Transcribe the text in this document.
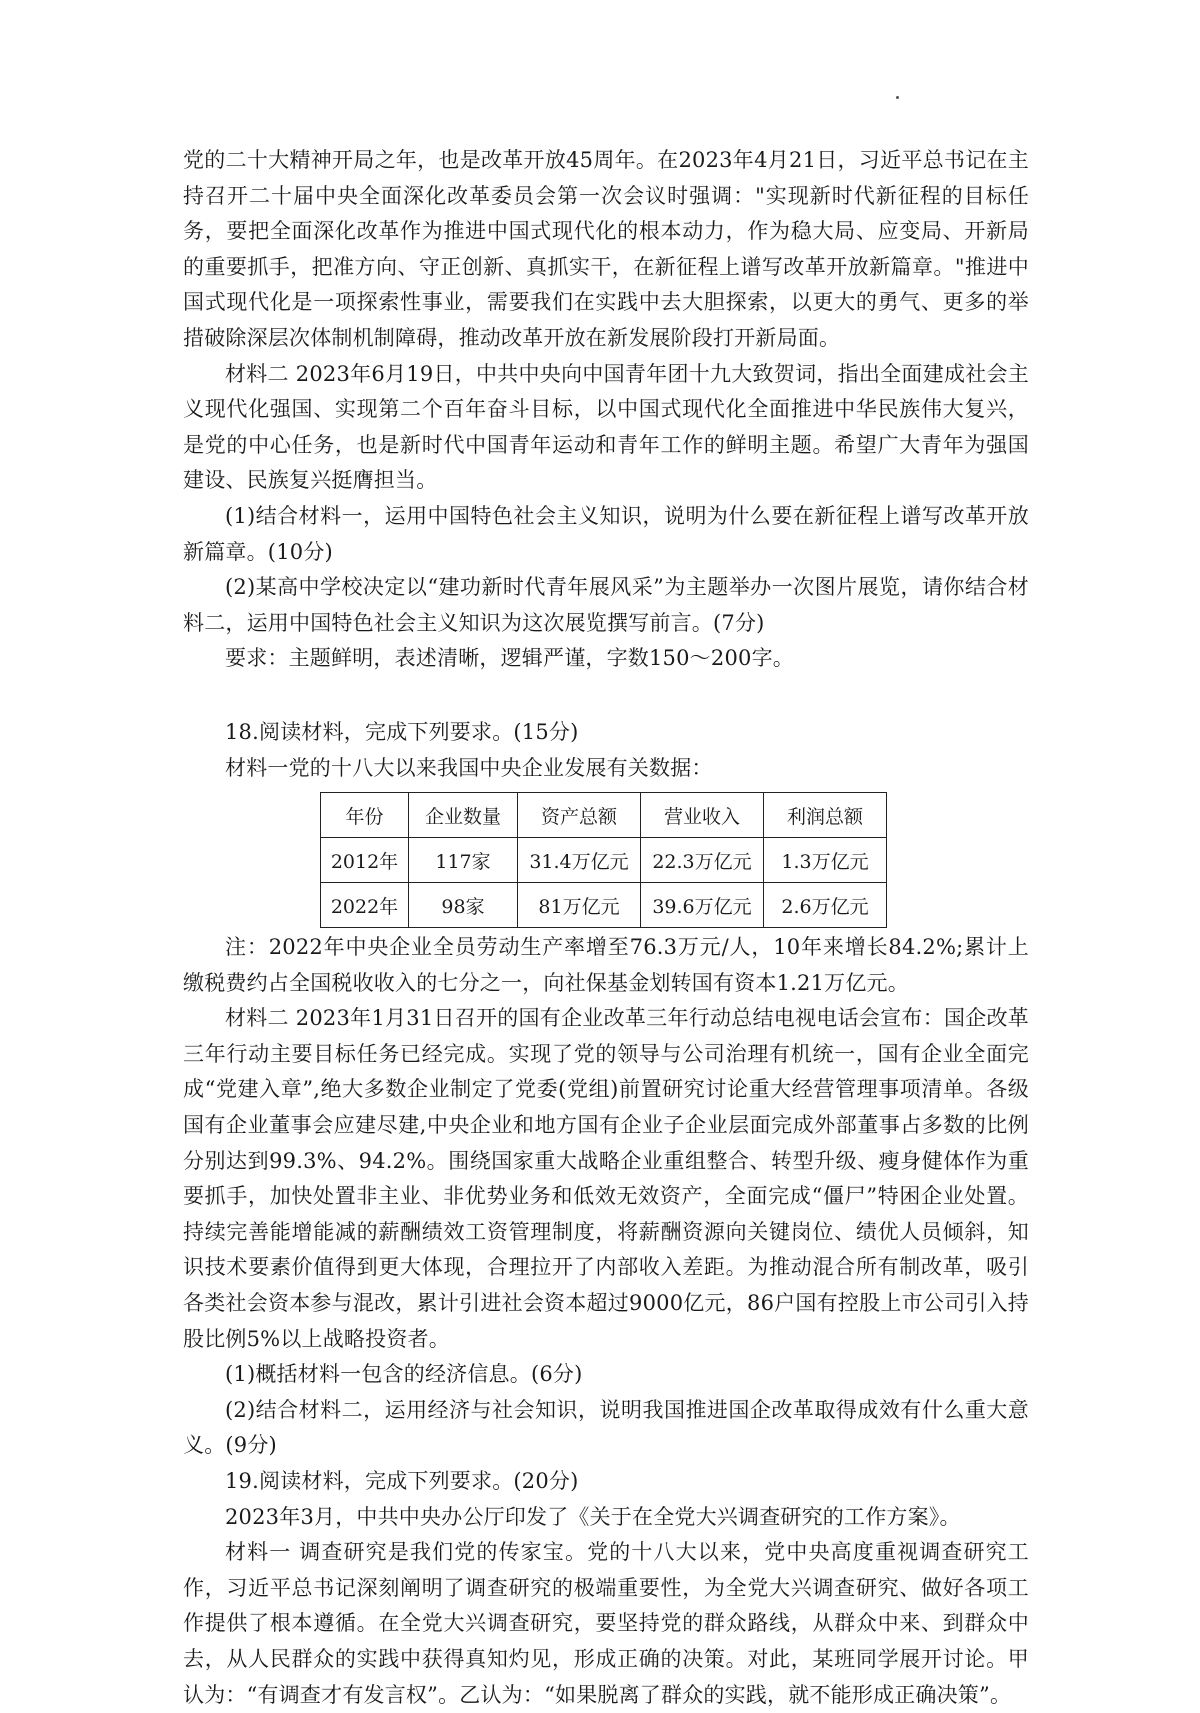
党的二十大精神开局之年，也是改革开放45周年。在2023年4月21日，习近平总书记在主持召开二十届中央全面深化改革委员会第一次会议时强调："实现新时代新征程的目标任务，要把全面深化改革作为推进中国式现代化的根本动力，作为稳大局、应变局、开新局的重要抓手，把准方向、守正创新、真抓实干，在新征程上谱写改革开放新篇章。"推进中国式现代化是一项探索性事业，需要我们在实践中去大胆探索，以更大的勇气、更多的举措破除深层次体制机制障碍，推动改革开放在新发展阶段打开新局面。

材料二 2023年6月19日，中共中央向中国青年团十九大致贺词，指出全面建成社会主义现代化强国、实现第二个百年奋斗目标，以中国式现代化全面推进中华民族伟大复兴，是党的中心任务，也是新时代中国青年运动和青年工作的鲜明主题。希望广大青年为强国建设、民族复兴挺膺担当。

(1)结合材料一，运用中国特色社会主义知识，说明为什么要在新征程上谱写改革开放新篇章。(10分)

(2)某高中学校决定以“建功新时代青年展风采”为主题举办一次图片展览，请你结合材料二，运用中国特色社会主义知识为这次展览撰写前言。(7分)

要求：主题鲜明，表述清晰，逻辑严谨，字数150～200字。

18.阅读材料，完成下列要求。(15分)

材料一党的十八大以来我国中央企业发展有关数据：

年份	企业数量	资产总额	营业收入	利润总额
2012年	117家	31.4万亿元	22.3万亿元	1.3万亿元
2022年	98家	81万亿元	39.6万亿元	2.6万亿元

注：2022年中央企业全员劳动生产率增至76.3万元/人，10年来增长84.2%;累计上缴税费约占全国税收收入的七分之一，向社保基金划转国有资本1.21万亿元。

材料二 2023年1月31日召开的国有企业改革三年行动总结电视电话会宣布：国企改革三年行动主要目标任务已经完成。实现了党的领导与公司治理有机统一，国有企业全面完成“党建入章”,绝大多数企业制定了党委(党组)前置研究讨论重大经营管理事项清单。各级国有企业董事会应建尽建,中央企业和地方国有企业子企业层面完成外部董事占多数的比例分别达到99.3%、94.2%。围绕国家重大战略企业重组整合、转型升级、瘦身健体作为重要抓手，加快处置非主业、非优势业务和低效无效资产，全面完成“僵尸”特困企业处置。持续完善能增能减的薪酬绩效工资管理制度，将薪酬资源向关键岗位、绩优人员倾斜，知识技术要素价值得到更大体现，合理拉开了内部收入差距。为推动混合所有制改革，吸引各类社会资本参与混改，累计引进社会资本超过9000亿元，86户国有控股上市公司引入持股比例5%以上战略投资者。

(1)概括材料一包含的经济信息。(6分)

(2)结合材料二，运用经济与社会知识，说明我国推进国企改革取得成效有什么重大意义。(9分)

19.阅读材料，完成下列要求。(20分)

2023年3月，中共中央办公厅印发了《关于在全党大兴调查研究的工作方案》。

材料一 调查研究是我们党的传家宝。党的十八大以来，党中央高度重视调查研究工作，习近平总书记深刻阐明了调查研究的极端重要性，为全党大兴调查研究、做好各项工作提供了根本遵循。在全党大兴调查研究，要坚持党的群众路线，从群众中来、到群众中去，从人民群众的实践中获得真知灼见，形成正确的决策。对此，某班同学展开讨论。甲认为：“有调查才有发言权”。乙认为：“如果脱离了群众的实践，就不能形成正确决策”。
